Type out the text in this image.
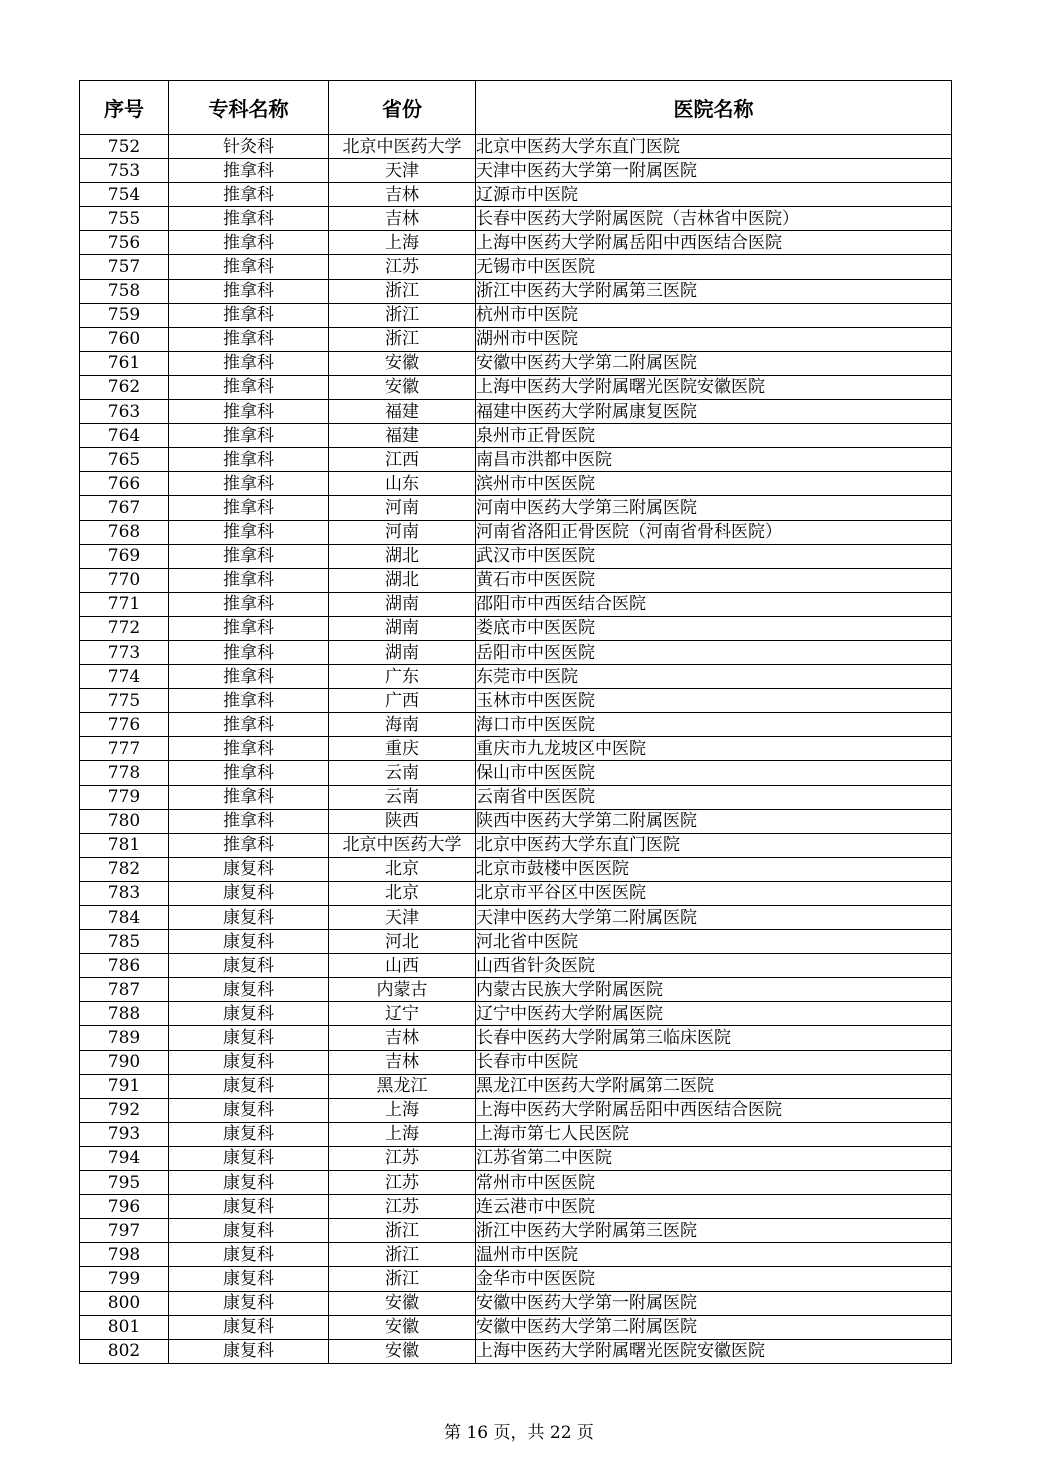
序号	专科名称	省份	医院名称
752	针灸科	北京中医药大学	北京中医药大学东直门医院
753	推拿科	天津	天津中医药大学第一附属医院
754	推拿科	吉林	辽源市中医院
755	推拿科	吉林	长春中医药大学附属医院（吉林省中医院）
756	推拿科	上海	上海中医药大学附属岳阳中西医结合医院
757	推拿科	江苏	无锡市中医医院
758	推拿科	浙江	浙江中医药大学附属第三医院
759	推拿科	浙江	杭州市中医院
760	推拿科	浙江	湖州市中医院
761	推拿科	安徽	安徽中医药大学第二附属医院
762	推拿科	安徽	上海中医药大学附属曙光医院安徽医院
763	推拿科	福建	福建中医药大学附属康复医院
764	推拿科	福建	泉州市正骨医院
765	推拿科	江西	南昌市洪都中医院
766	推拿科	山东	滨州市中医医院
767	推拿科	河南	河南中医药大学第三附属医院
768	推拿科	河南	河南省洛阳正骨医院（河南省骨科医院）
769	推拿科	湖北	武汉市中医医院
770	推拿科	湖北	黄石市中医医院
771	推拿科	湖南	邵阳市中西医结合医院
772	推拿科	湖南	娄底市中医医院
773	推拿科	湖南	岳阳市中医医院
774	推拿科	广东	东莞市中医院
775	推拿科	广西	玉林市中医医院
776	推拿科	海南	海口市中医医院
777	推拿科	重庆	重庆市九龙坡区中医院
778	推拿科	云南	保山市中医医院
779	推拿科	云南	云南省中医医院
780	推拿科	陕西	陕西中医药大学第二附属医院
781	推拿科	北京中医药大学	北京中医药大学东直门医院
782	康复科	北京	北京市鼓楼中医医院
783	康复科	北京	北京市平谷区中医医院
784	康复科	天津	天津中医药大学第二附属医院
785	康复科	河北	河北省中医院
786	康复科	山西	山西省针灸医院
787	康复科	内蒙古	内蒙古民族大学附属医院
788	康复科	辽宁	辽宁中医药大学附属医院
789	康复科	吉林	长春中医药大学附属第三临床医院
790	康复科	吉林	长春市中医院
791	康复科	黑龙江	黑龙江中医药大学附属第二医院
792	康复科	上海	上海中医药大学附属岳阳中西医结合医院
793	康复科	上海	上海市第七人民医院
794	康复科	江苏	江苏省第二中医院
795	康复科	江苏	常州市中医医院
796	康复科	江苏	连云港市中医院
797	康复科	浙江	浙江中医药大学附属第三医院
798	康复科	浙江	温州市中医院
799	康复科	浙江	金华市中医医院
800	康复科	安徽	安徽中医药大学第一附属医院
801	康复科	安徽	安徽中医药大学第二附属医院
802	康复科	安徽	上海中医药大学附属曙光医院安徽医院
第 16 页，共 22 页
